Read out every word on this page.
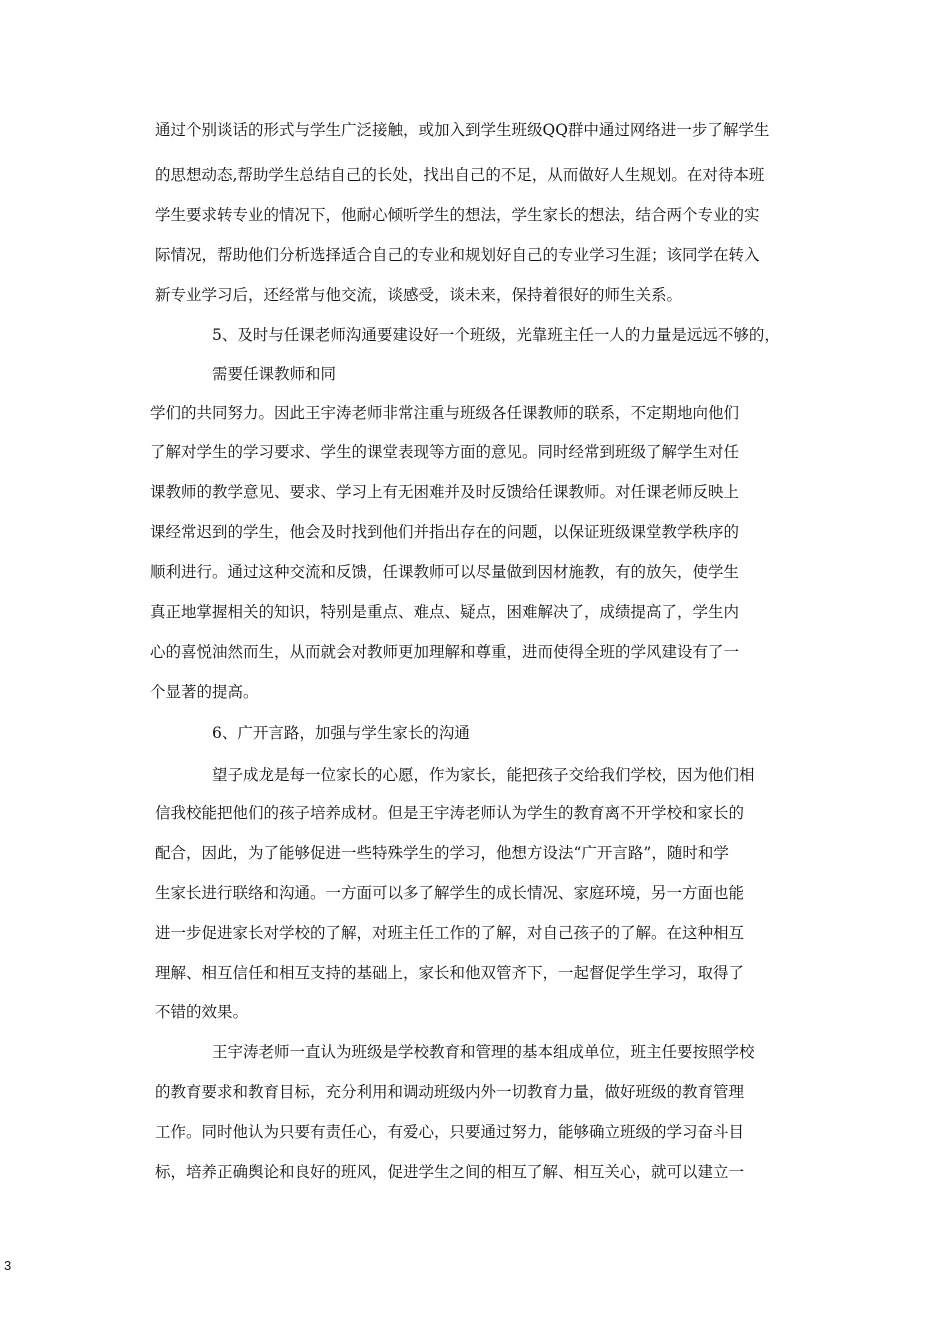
通过个别谈话的形式与学生广泛接触，或加入到学生班级QQ群中通过网络进一步了解学生
的思想动态,帮助学生总结自己的长处，找出自己的不足，从而做好人生规划。在对待本班
学生要求转专业的情况下，他耐心倾听学生的想法，学生家长的想法，结合两个专业的实
际情况，帮助他们分析选择适合自己的专业和规划好自己的专业学习生涯；该同学在转入
新专业学习后，还经常与他交流，谈感受，谈未来，保持着很好的师生关系。
5、及时与任课老师沟通要建设好一个班级，光靠班主任一人的力量是远远不够的，
需要任课教师和同
学们的共同努力。因此王宇涛老师非常注重与班级各任课教师的联系，不定期地向他们
了解对学生的学习要求、学生的课堂表现等方面的意见。同时经常到班级了解学生对任
课教师的教学意见、要求、学习上有无困难并及时反馈给任课教师。对任课老师反映上
课经常迟到的学生，他会及时找到他们并指出存在的问题，以保证班级课堂教学秩序的
顺利进行。通过这种交流和反馈，任课教师可以尽量做到因材施教，有的放矢，使学生
真正地掌握相关的知识，特别是重点、难点、疑点，困难解决了，成绩提高了，学生内
心的喜悦油然而生，从而就会对教师更加理解和尊重，进而使得全班的学风建设有了一
个显著的提高。
6、广开言路，加强与学生家长的沟通
望子成龙是每一位家长的心愿，作为家长，能把孩子交给我们学校，因为他们相
信我校能把他们的孩子培养成材。但是王宇涛老师认为学生的教育离不开学校和家长的
配合，因此，为了能够促进一些特殊学生的学习，他想方设法“广开言路”，随时和学
生家长进行联络和沟通。一方面可以多了解学生的成长情况、家庭环境，另一方面也能
进一步促进家长对学校的了解，对班主任工作的了解，对自己孩子的了解。在这种相互
理解、相互信任和相互支持的基础上，家长和他双管齐下，一起督促学生学习，取得了
不错的效果。
王宇涛老师一直认为班级是学校教育和管理的基本组成单位，班主任要按照学校
的教育要求和教育目标，充分利用和调动班级内外一切教育力量，做好班级的教育管理
工作。同时他认为只要有责任心，有爱心，只要通过努力，能够确立班级的学习奋斗目
标，培养正确舆论和良好的班风，促进学生之间的相互了解、相互关心，就可以建立一
3
